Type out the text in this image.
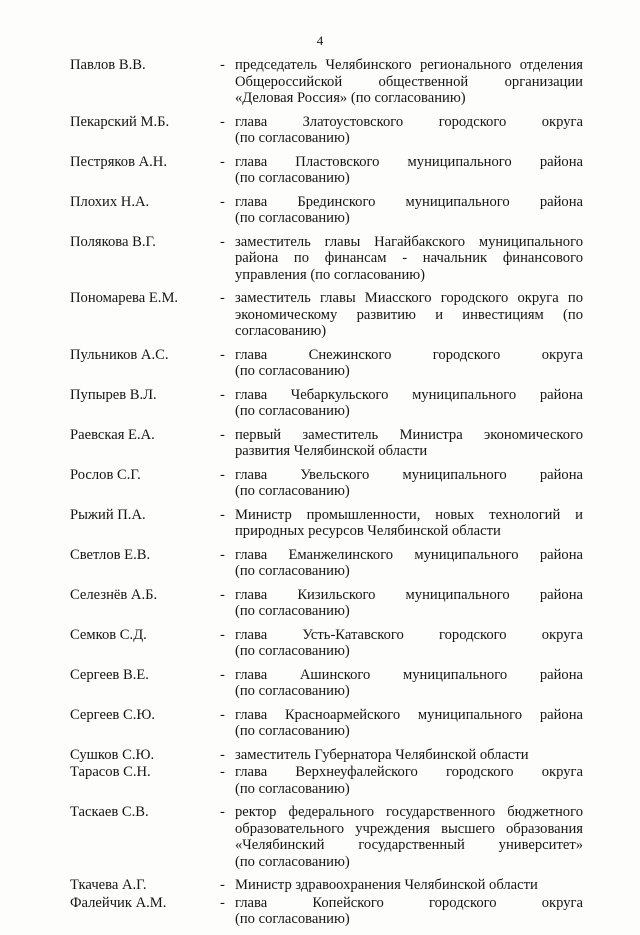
4
Павлов В.В.	- председатель Челябинского регионального отделения
Общероссийской общественной организации
«Деловая Россия» (по согласованию)
Пекарский М.Б.	- глава Златоустовского городского округа
(по согласованию)
Пестряков А.Н.	- глава Пластовского муниципального района
(по согласованию)
Плохих Н.А.	- глава Брединского муниципального района
(по согласованию)
Полякова В.Г.	- заместитель главы Нагайбакского муниципального
района по финансам - начальник финансового
управления (по согласованию)
Пономарева Е.М.	- заместитель главы Миасского городского округа по
экономическому развитию и инвестициям (по
согласованию)
Пульников А.С.	- глава Снежинского городского округа
(по согласованию)
Пупырев В.Л.	- глава Чебаркульского муниципального района
(по согласованию)
Раевская Е.А.	- первый заместитель Министра экономического
развития Челябинской области
Рослов С.Г.	- глава Увельского муниципального района
(по согласованию)
Рыжий П.А.	- Министр промышленности, новых технологий и
природных ресурсов Челябинской области
Светлов Е.В.	- глава Еманжелинского муниципального района
(по согласованию)
Селезнёв А.Б.	- глава Кизильского муниципального района
(по согласованию)
Семков С.Д.	- глава Усть-Катавского городского округа
(по согласованию)
Сергеев В.Е.	- глава Ашинского муниципального района
(по согласованию)
Сергеев С.Ю.	- глава Красноармейского муниципального района
(по согласованию)
Сушков С.Ю.	- заместитель Губернатора Челябинской области
Тарасов С.Н.	- глава Верхнеуфалейского городского округа
(по согласованию)
Таскаев С.В.	- ректор федерального государственного бюджетного
образовательного учреждения высшего образования
«Челябинский государственный университет»
(по согласованию)
Ткачева А.Г.	- Министр здравоохранения Челябинской области
Фалейчик А.М.	- глава Копейского городского округа
(по согласованию)
